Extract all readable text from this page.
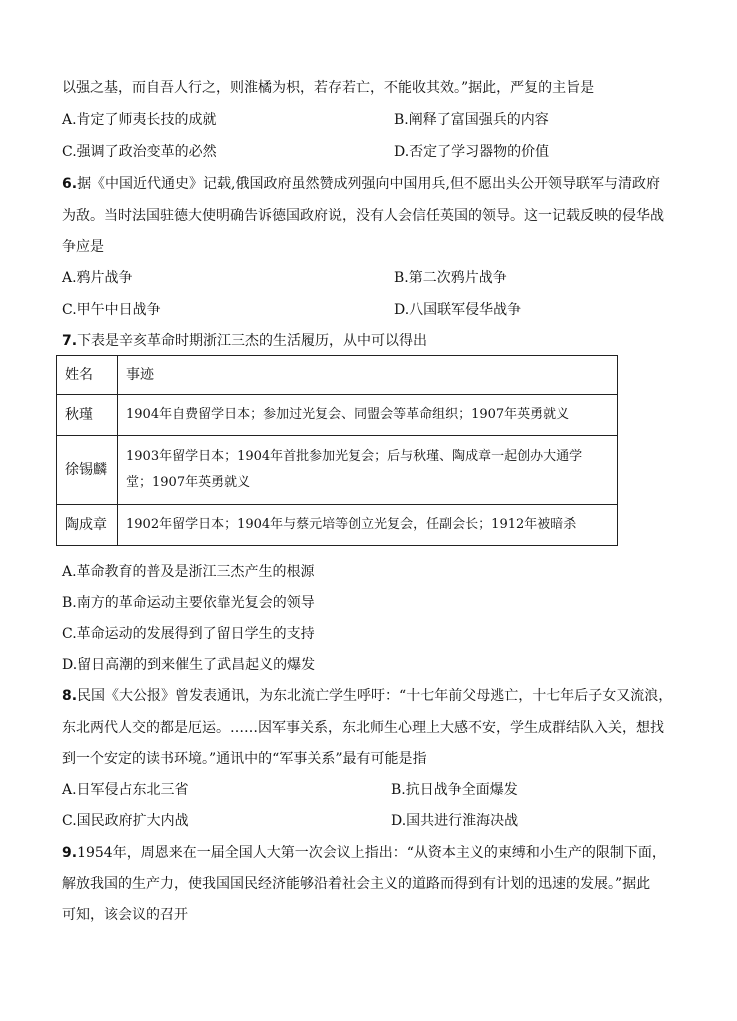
以强之基，而自吾人行之，则淮橘为枳，若存若亡，不能收其效。”据此，严复的主旨是
A.肯定了师夷长技的成就	B.阐释了富国强兵的内容
C.强调了政治变革的必然	D.否定了学习器物的价值
6.据《中国近代通史》记载,俄国政府虽然赞成列强向中国用兵,但不愿出头公开领导联军与清政府
为敌。当时法国驻德大使明确告诉德国政府说，没有人会信任英国的领导。这一记载反映的侵华战
争应是
A.鸦片战争	B.第二次鸦片战争
C.甲午中日战争	D.八国联军侵华战争
7.下表是辛亥革命时期浙江三杰的生活履历，从中可以得出
姓名	事迹
秋瑾	1904年自费留学日本；参加过光复会、同盟会等革命组织；1907年英勇就义
徐锡麟	1903年留学日本；1904年首批参加光复会；后与秋瑾、陶成章一起创办大通学
堂；1907年英勇就义
陶成章	1902年留学日本；1904年与蔡元培等创立光复会，任副会长；1912年被暗杀
A.革命教育的普及是浙江三杰产生的根源
B.南方的革命运动主要依靠光复会的领导
C.革命运动的发展得到了留日学生的支持
D.留日高潮的到来催生了武昌起义的爆发
8.民国《大公报》曾发表通讯，为东北流亡学生呼吁：“十七年前父母逃亡，十七年后子女又流浪，
东北两代人交的都是厄运。……因军事关系，东北师生心理上大感不安，学生成群结队入关，想找
到一个安定的读书环境。”通讯中的“军事关系”最有可能是指
A.日军侵占东北三省	B.抗日战争全面爆发
C.国民政府扩大内战	D.国共进行淮海决战
9.1954年，周恩来在一届全国人大第一次会议上指出：“从资本主义的束缚和小生产的限制下面，
解放我国的生产力，使我国国民经济能够沿着社会主义的道路而得到有计划的迅速的发展。”据此
可知，该会议的召开
